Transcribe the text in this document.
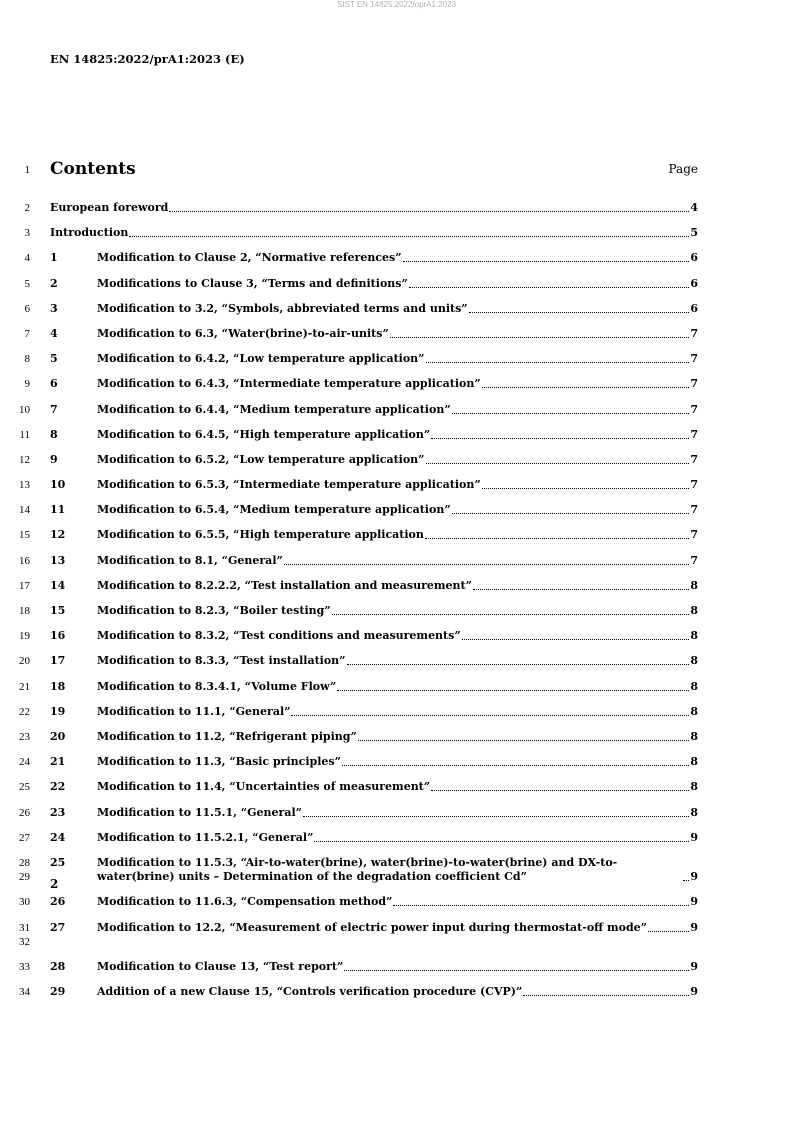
SIST EN 14825:2022/oprA1:2023
EN 14825:2022/prA1:2023 (E)
1 Contents	Page
2 European foreword	4
3 Introduction	5
4 1	Modification to Clause 2, “Normative references”	6
5 2	Modifications to Clause 3, “Terms and definitions”	6
6 3	Modification to 3.2, “Symbols, abbreviated terms and units”	6
7 4	Modification to 6.3, “Water(brine)-to-air-units”	7
8 5	Modification to 6.4.2, “Low temperature application”	7
9 6	Modification to 6.4.3, “Intermediate temperature application”	7
10 7	Modification to 6.4.4, “Medium temperature application”	7
11 8	Modification to 6.4.5, “High temperature application”	7
12 9	Modification to 6.5.2, “Low temperature application”	7
13 10	Modification to 6.5.3, “Intermediate temperature application”	7
14 11	Modification to 6.5.4, “Medium temperature application”	7
15 12	Modification to 6.5.5, “High temperature application	7
16 13	Modification to 8.1, “General”	7
17 14	Modification to 8.2.2.2, “Test installation and measurement”	8
18 15	Modification to 8.2.3, “Boiler testing”	8
19 16	Modification to 8.3.2, “Test conditions and measurements”	8
20 17	Modification to 8.3.3, “Test installation”	8
21 18	Modification to 8.3.4.1, “Volume Flow”	8
22 19	Modification to 11.1, “General”	8
23 20	Modification to 11.2, “Refrigerant piping”	8
24 21	Modification to 11.3, “Basic principles”	8
25 22	Modification to 11.4, “Uncertainties of measurement”	8
26 23	Modification to 11.5.1, “General”	8
27 24	Modification to 11.5.2.1, “General”	9
28
29
25	Modification to 11.5.3, “Air-to-water(brine), water(brine)-to-water(brine) and DX-to-water(brine) units – Determination of the degradation coefficient Cd”	9
30 26	Modification to 11.6.3, “Compensation method”	9
31
32
27	Modification to 12.2, “Measurement of electric power input during thermostat-off mode”	9
33 28	Modification to Clause 13, “Test report”	9
34 29	Addition of a new Clause 15, “Controls verification procedure (CVP)”	9
2
